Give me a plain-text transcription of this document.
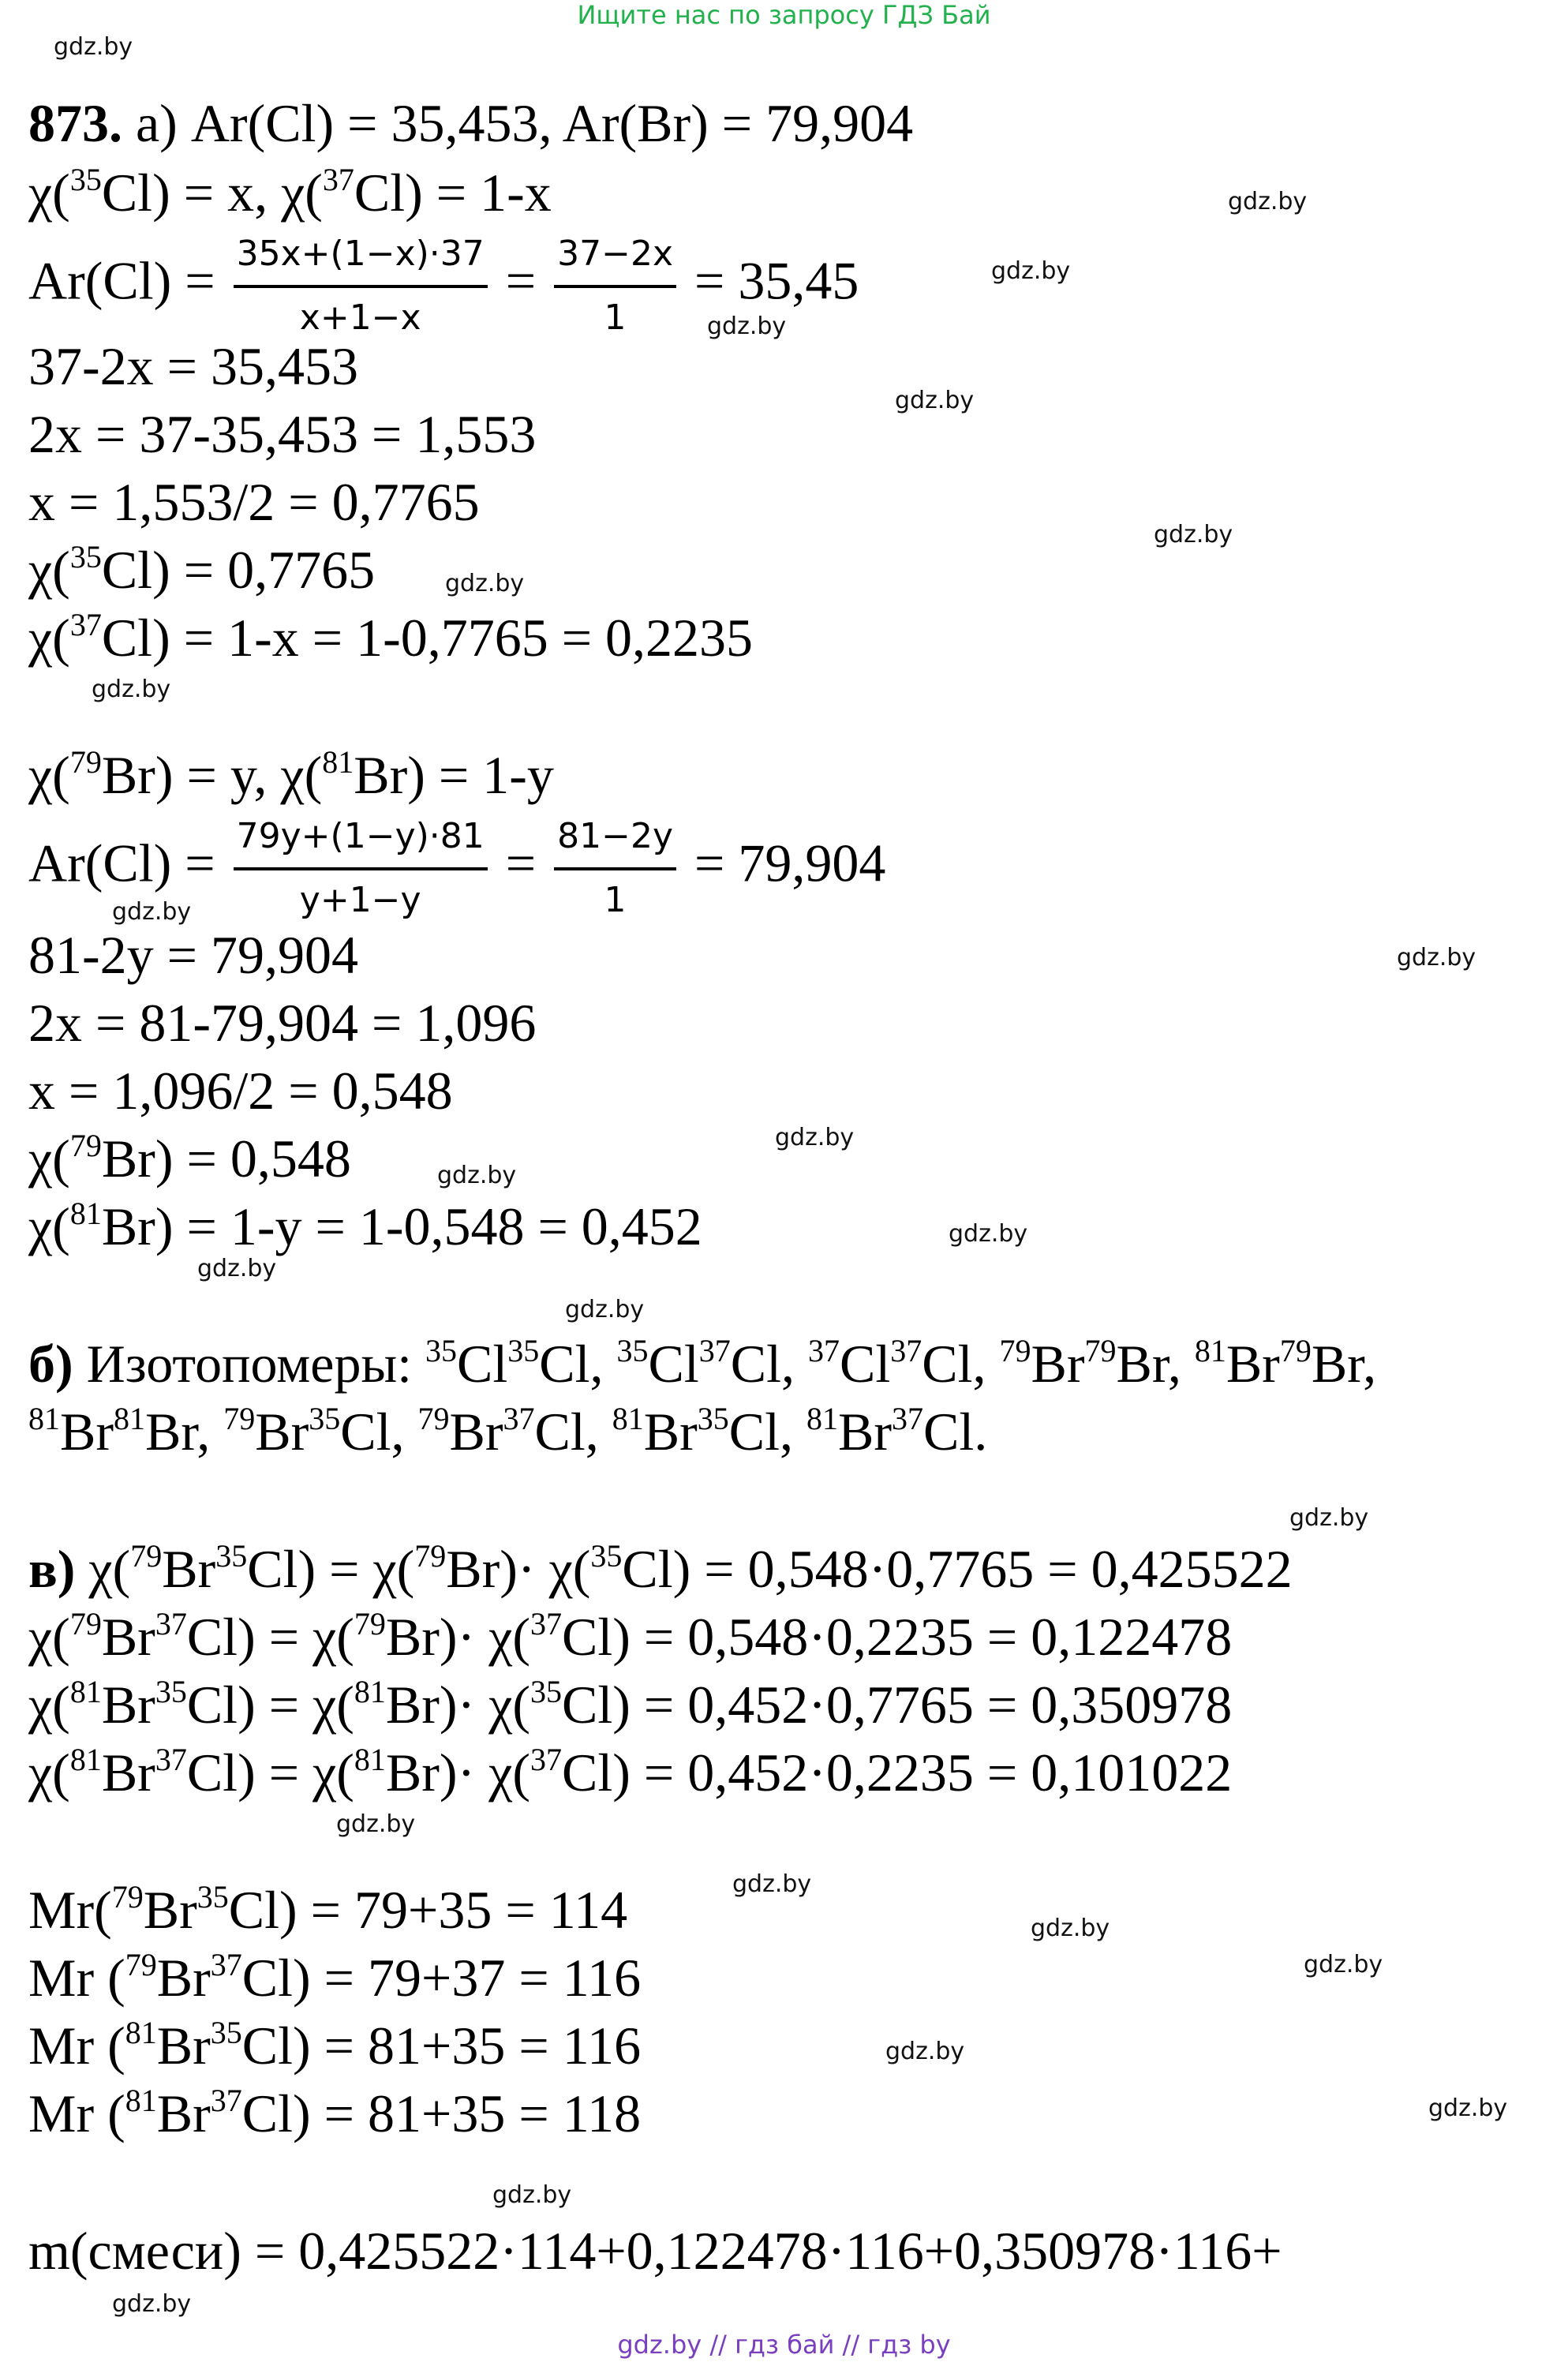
Ищите нас по запросу ГДЗ Бай
gdz.by
gdz.by
gdz.by
gdz.by
gdz.by
gdz.by
gdz.by
gdz.by
gdz.by
gdz.by
gdz.by
gdz.by
gdz.by
gdz.by
gdz.by
gdz.by
gdz.by
gdz.by
gdz.by
gdz.by
gdz.by
gdz.by
gdz.by
gdz.by
873. а) Ar(Cl) = 35,453, Ar(Br) = 79,904
χ($^{35}$Cl) = x, χ($^{37}$Cl) = 1-x
$Ar(Cl) = \frac{35x+(1-x)\cdot 37}{x+1-x} = \frac{37-2x}{1} = 35,45$
37-2x = 35,453
2x = 37-35,453 = 1,553
x = 1,553/2 = 0,7765
χ($^{35}$Cl) = 0,7765
χ($^{37}$Cl) = 1-x = 1-0,7765 = 0,2235
χ($^{79}$Br) = y, χ($^{81}$Br) = 1-y
$Ar(Cl) = \frac{79y+(1-y)\cdot 81}{y+1-y} = \frac{81-2y}{1} = 79,904$
81-2y = 79,904
2x = 81-79,904 = 1,096
x = 1,096/2 = 0,548
χ($^{79}$Br) = 0,548
χ($^{81}$Br) = 1-y = 1-0,548 = 0,452
б) Изотопомеры: $^{35}$Cl$^{35}$Cl, $^{35}$Cl$^{37}$Cl, $^{37}$Cl$^{37}$Cl, $^{79}$Br$^{79}$Br, $^{81}$Br$^{79}$Br,
$^{81}$Br$^{81}$Br, $^{79}$Br$^{35}$Cl, $^{79}$Br$^{37}$Cl, $^{81}$Br$^{35}$Cl, $^{81}$Br$^{37}$Cl.
в) $\chi(^{79}Br^{35}Cl) = \chi(^{79}Br)\cdot \chi(^{35}Cl) = 0,548\cdot 0,7765 = 0,425522$
$\chi(^{79}Br^{37}Cl) = \chi(^{79}Br)\cdot \chi(^{37}Cl) = 0,548\cdot 0,2235 = 0,122478$
$\chi(^{81}Br^{35}Cl) = \chi(^{81}Br)\cdot \chi(^{35}Cl) = 0,452\cdot 0,7765 = 0,350978$
$\chi(^{81}Br^{37}Cl) = \chi(^{81}Br)\cdot \chi(^{37}Cl) = 0,452\cdot 0,2235 = 0,101022$
$Mr(^{79}Br^{35}Cl) = 79+35 = 114$
Mr $(^{79}Br^{37}Cl) = 79+37 = 116$
Mr $(^{81}Br^{35}Cl) = 81+35 = 116$
Mr $(^{81}Br^{37}Cl) = 81+35 = 118$
m(смеси) = 0,425522·114+0,122478·116+0,350978·116+
gdz.by // гдз бай // гдз by
